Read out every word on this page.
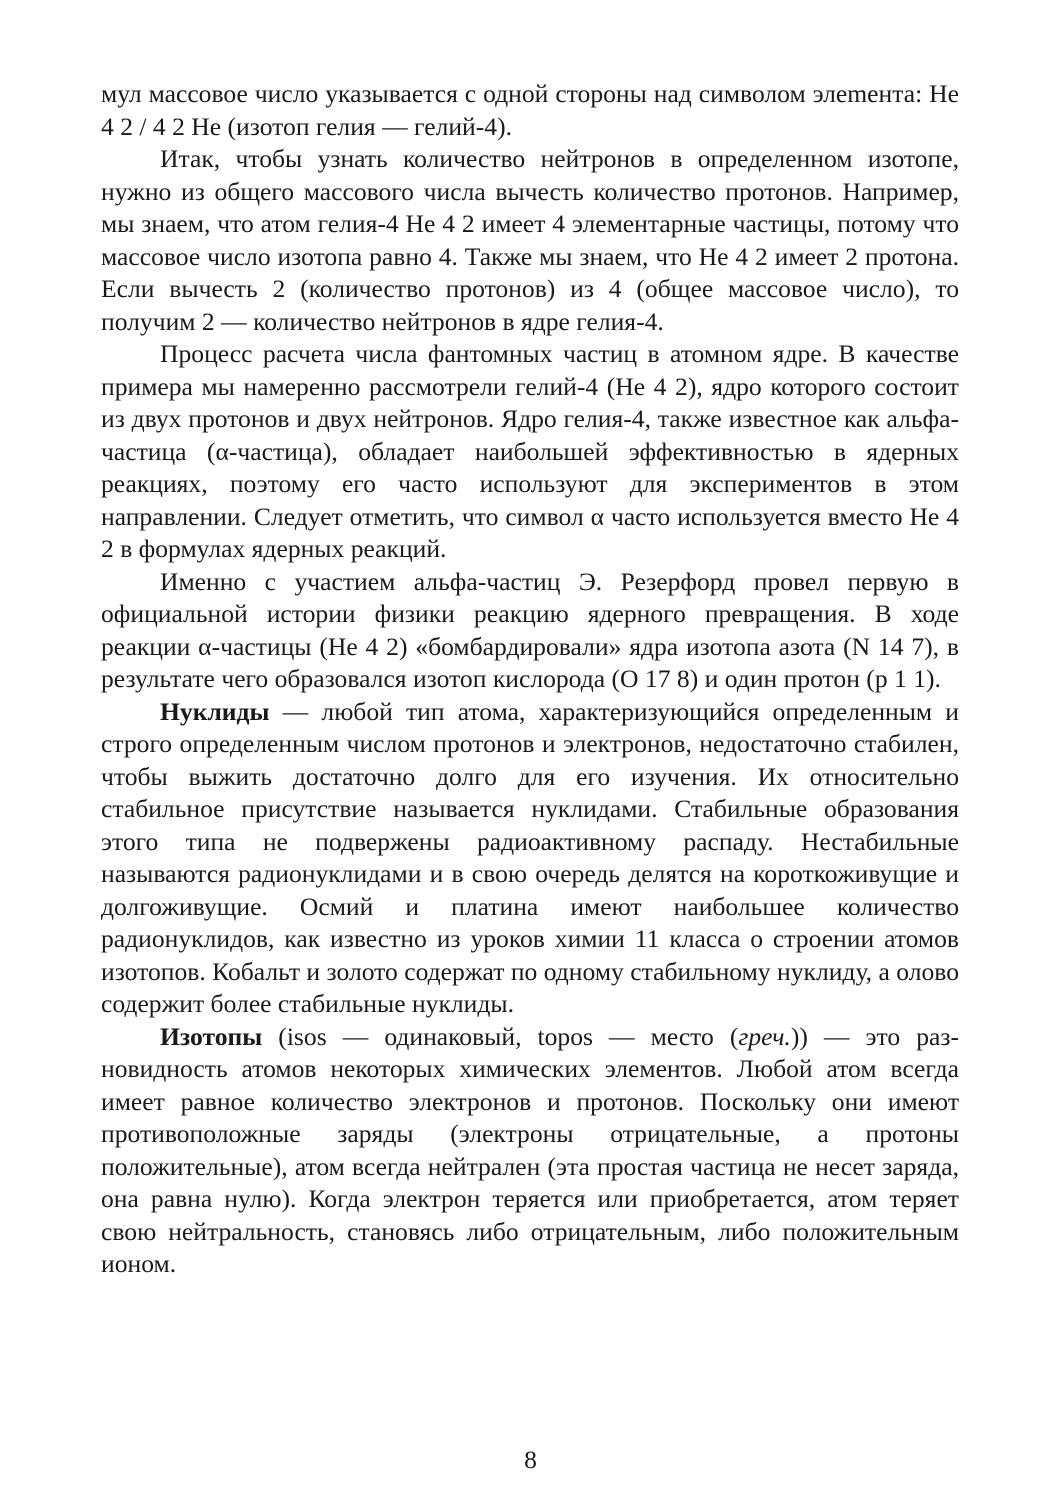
мул массовое число указывается с одной стороны над символом элеmента: He 4 2 / 4 2 He (изотоп гелия — гелий-4).

Итак, чтобы узнать количество нейтронов в определенном изотопе, нужно из общего массового числа вычесть количество протонов. Например, мы знаем, что атом гелия-4 He 4 2 имеет 4 элементарные частицы, потому что массовое число изотопа равно 4. Также мы знаем, что He 4 2 имеет 2 протона. Если вычесть 2 (количество протонов) из 4 (общее массовое число), то получим 2 — количество нейтронов в ядре гелия-4.

Процесс расчета числа фантомных частиц в атомном ядре. В качестве примера мы намеренно рассмотрели гелий-4 (He 4 2), ядро которого состоит из двух протонов и двух нейтронов. Ядро гелия-4, также известное как альфа-частица (α-частица), обладает наибольшей эффективностью в ядерных реакциях, поэтому его часто используют для экспериментов в этом направлении. Следует отметить, что символ α часто используется вместо He 4 2 в формулах ядерных реакций.

Именно с участием альфа-частиц Э. Резерфорд провел первую в официальной истории физики реакцию ядерного превращения. В ходе реакции α-частицы (He 4 2) «бомбардировали» ядра изотопа азота (N 14 7), в результате чего образовался изотоп кислорода (O 17 8) и один протон (p 1 1).

Нуклиды — любой тип атома, характеризующийся определенным и строго определенным числом протонов и электронов, недостаточно стабилен, чтобы выжить достаточно долго для его изучения. Их относительно стабильное присутствие называется нуклидами. Стабильные образования этого типа не подвержены радиоактивному распаду. Нестабильные называются радионуклидами и в свою очередь делятся на короткоживущие и долгоживущие. Осмий и платина имеют наибольшее количество радионуклидов, как известно из уроков химии 11 класса о строении атомов изотопов. Кобальт и золото содержат по одному стабильному нуклиду, а олово содержит более стабильные нуклиды.

Изотопы (isos — одинаковый, topos — место (греч.)) — это разновидность атомов некоторых химических элементов. Любой атом всегда имеет равное количество электронов и протонов. Поскольку они имеют противоположные заряды (электроны отрицательные, а протоны положительные), атом всегда нейтрален (эта простая частица не несет заряда, она равна нулю). Когда электрон теряется или приобретается, атом теряет свою нейтральность, становясь либо отрицательным, либо положительным ионом.

8
